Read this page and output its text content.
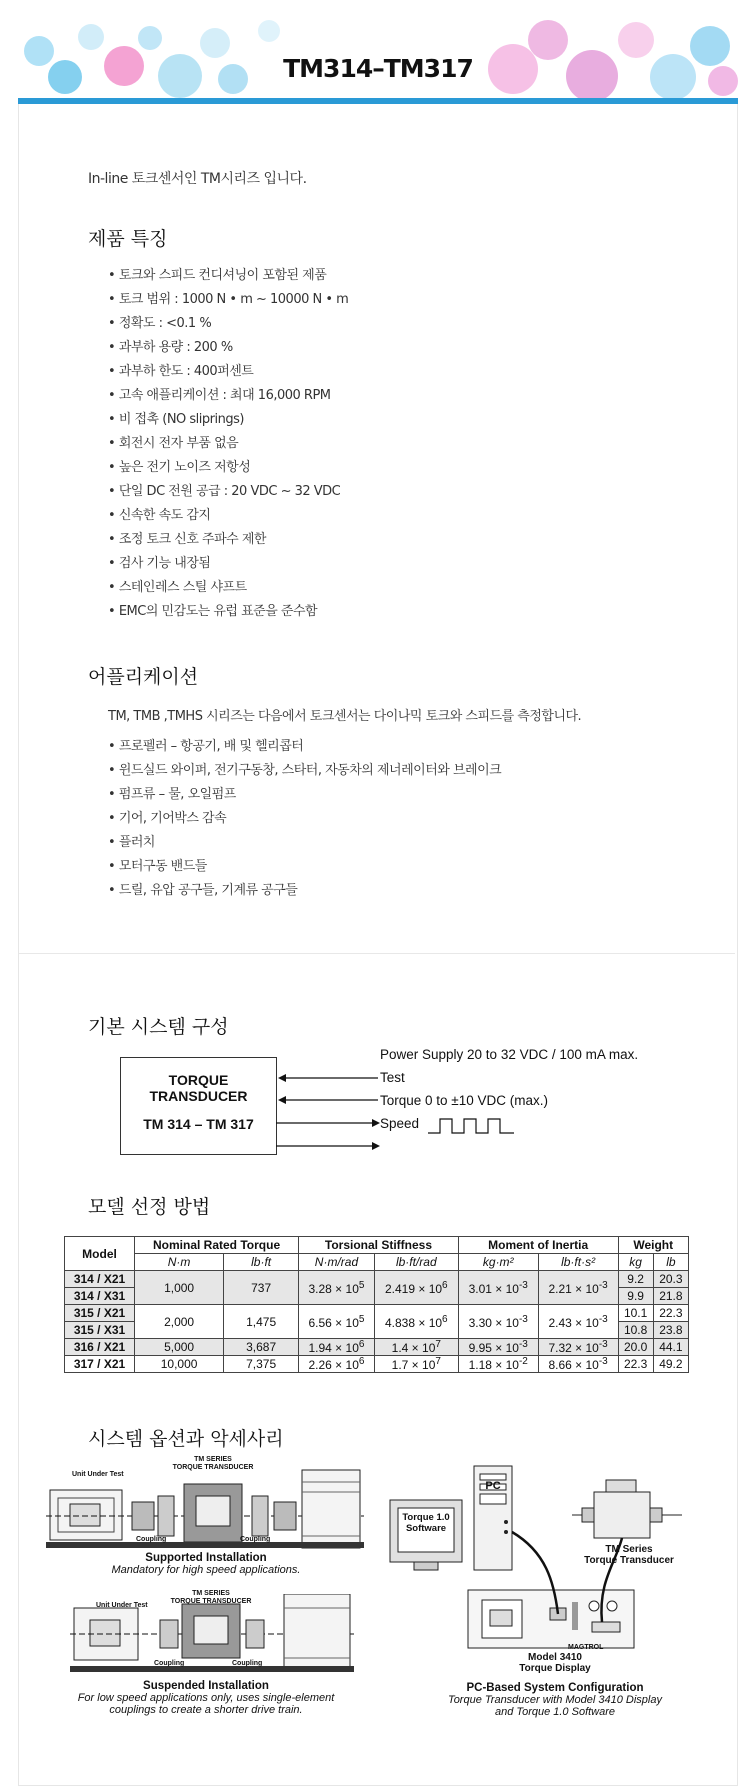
TM314–TM317
In-line 토크센서인 TM시리즈 입니다.
제품 특징
• 토크와 스피드 컨디셔닝이 포함된 제품
• 토크 범위 : 1000 N • m ~ 10000 N • m
• 정확도 : <0.1 %
• 과부하 용량 : 200 %
• 과부하 한도 : 400퍼센트
• 고속 애플리케이션 : 최대 16,000 RPM
• 비 접촉 (NO sliprings)
• 회전시 전자 부품 없음
• 높은 전기 노이즈 저항성
• 단일 DC 전원 공급 : 20 VDC ~ 32 VDC
• 신속한 속도 감지
• 조정 토크 신호 주파수 제한
• 검사 기능 내장됨
• 스테인레스 스틸 샤프트
• EMC의 민감도는 유럽 표준을 준수함
어플리케이션
TM, TMB ,TMHS 시리즈는 다음에서 토크센서는 다이나믹 토크와 스피드를 측정합니다.
• 프로펠러 – 항공기, 배 및 헬리콥터
• 윈드실드 와이퍼, 전기구동창, 스타터, 자동차의 제너레이터와 브레이크
• 펌프류 – 물, 오일펌프
• 기어, 기어박스 감속
• 플러치
• 모터구동 밴드들
• 드릴, 유압 공구들, 기계류 공구들
기본 시스템 구성
TORQUE
TRANSDUCER
TM 314 – TM 317
Power Supply 20 to 32 VDC / 100 mA max.
Test
Torque 0 to ±10 VDC (max.)
Speed
모델 선정 방법
Model	Nominal Rated Torque		Torsional Stiffness		Moment of Inertia		Weight	
	N·m	lb·ft	N·m/rad	lb·ft/rad	kg·m²	lb·ft·s²	kg	lb
314 / X21	1,000	737	$3.28 \times 10^5$	$2.419 \times 10^6$	$3.01 \times 10^{-3}$	$2.21 \times 10^{-3}$	9.2	20.3
314 / X31							9.9	21.8
315 / X21	2,000	1,475	$6.56 \times 10^5$	$4.838 \times 10^6$	$3.30 \times 10^{-3}$	$2.43 \times 10^{-3}$	10.1	22.3
315 / X31							10.8	23.8
316 / X21	5,000	3,687	$1.94 \times 10^6$	$1.4 \times 10^7$	$9.95 \times 10^{-3}$	$7.32 \times 10^{-3}$	20.0	44.1
317 / X21	10,000	7,375	$2.26 \times 10^6$	$1.7 \times 10^7$	$1.18 \times 10^{-2}$	$8.66 \times 10^{-3}$	22.3	49.2
시스템 옵션과 악세사리
Unit Under Test
TM SERIES
TORQUE TRANSDUCER
Coupling	Coupling
Supported Installation
Mandatory for high speed applications.
Unit Under Test
TM SERIES
TORQUE TRANSDUCER
Coupling	Coupling
Suspended Installation
For low speed applications only, uses single-element
couplings to create a shorter drive train.
PC
Torque 1.0
Software
TM Series
Torque Transducer
MAGTROL
Model 3410
Torque Display
PC-Based System Configuration
Torque Transducer with Model 3410 Display
and Torque 1.0 Software
